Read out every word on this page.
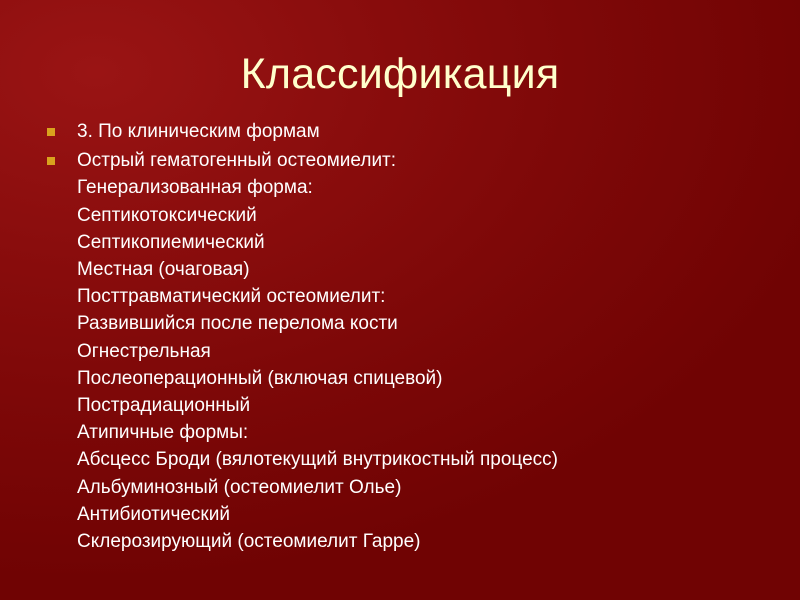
Классификация
3. По клиническим формам
Острый гематогенный остеомиелит:
Генерализованная форма:
Септикотоксический
Септикопиемический
Местная (очаговая)
Посттравматический остеомиелит:
Развившийся после перелома кости
Огнестрельная
Послеоперационный (включая спицевой)
Пострадиационный
Атипичные формы:
Абсцесс Броди (вялотекущий внутрикостный процесс)
Альбуминозный (остеомиелит Олье)
Антибиотический
Склерозирующий (остеомиелит Гарре)
